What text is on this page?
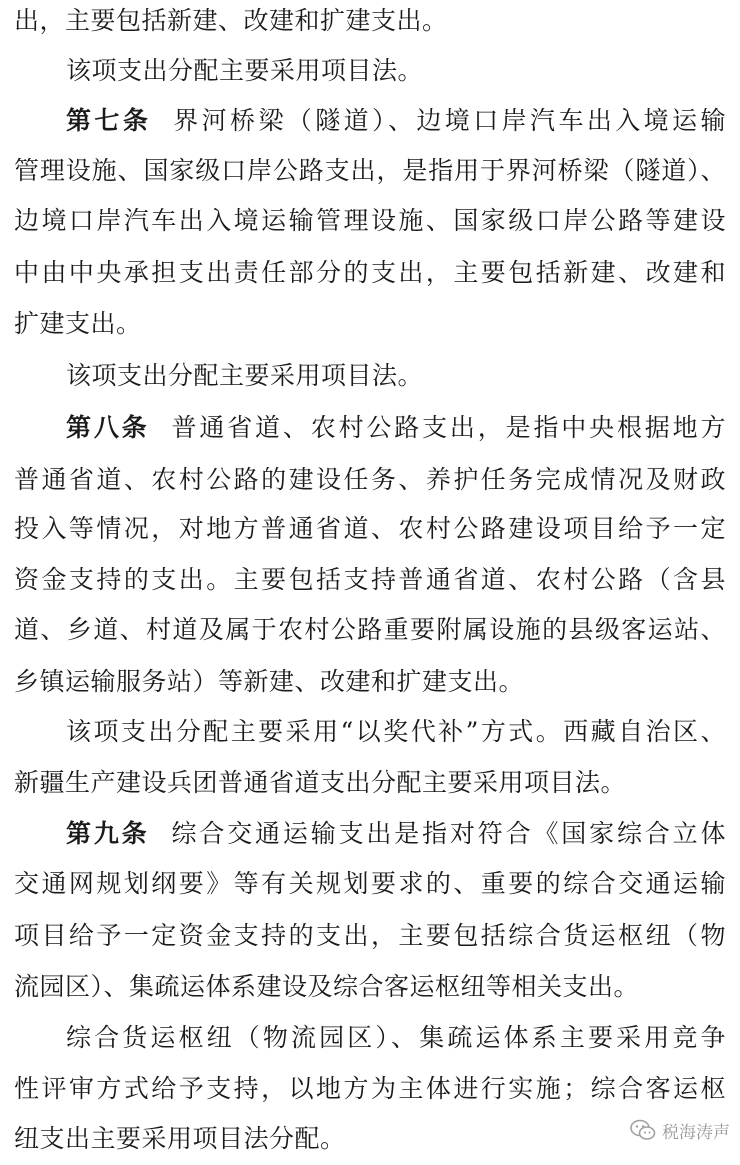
出，主要包括新建、改建和扩建支出。
该项支出分配主要采用项目法。
第七条 界河桥梁（隧道）、边境口岸汽车出入境运输
管理设施、国家级口岸公路支出，是指用于界河桥梁（隧道）、
边境口岸汽车出入境运输管理设施、国家级口岸公路等建设
中由中央承担支出责任部分的支出，主要包括新建、改建和
扩建支出。
该项支出分配主要采用项目法。
第八条 普通省道、农村公路支出，是指中央根据地方
普通省道、农村公路的建设任务、养护任务完成情况及财政
投入等情况，对地方普通省道、农村公路建设项目给予一定
资金支持的支出。主要包括支持普通省道、农村公路（含县
道、乡道、村道及属于农村公路重要附属设施的县级客运站、
乡镇运输服务站）等新建、改建和扩建支出。
该项支出分配主要采用“以奖代补”方式。西藏自治区、
新疆生产建设兵团普通省道支出分配主要采用项目法。
第九条 综合交通运输支出是指对符合《国家综合立体
交通网规划纲要》等有关规划要求的、重要的综合交通运输
项目给予一定资金支持的支出，主要包括综合货运枢纽（物
流园区）、集疏运体系建设及综合客运枢纽等相关支出。
综合货运枢纽（物流园区）、集疏运体系主要采用竞争
性评审方式给予支持，以地方为主体进行实施；综合客运枢
纽支出主要采用项目法分配。	税海涛声
